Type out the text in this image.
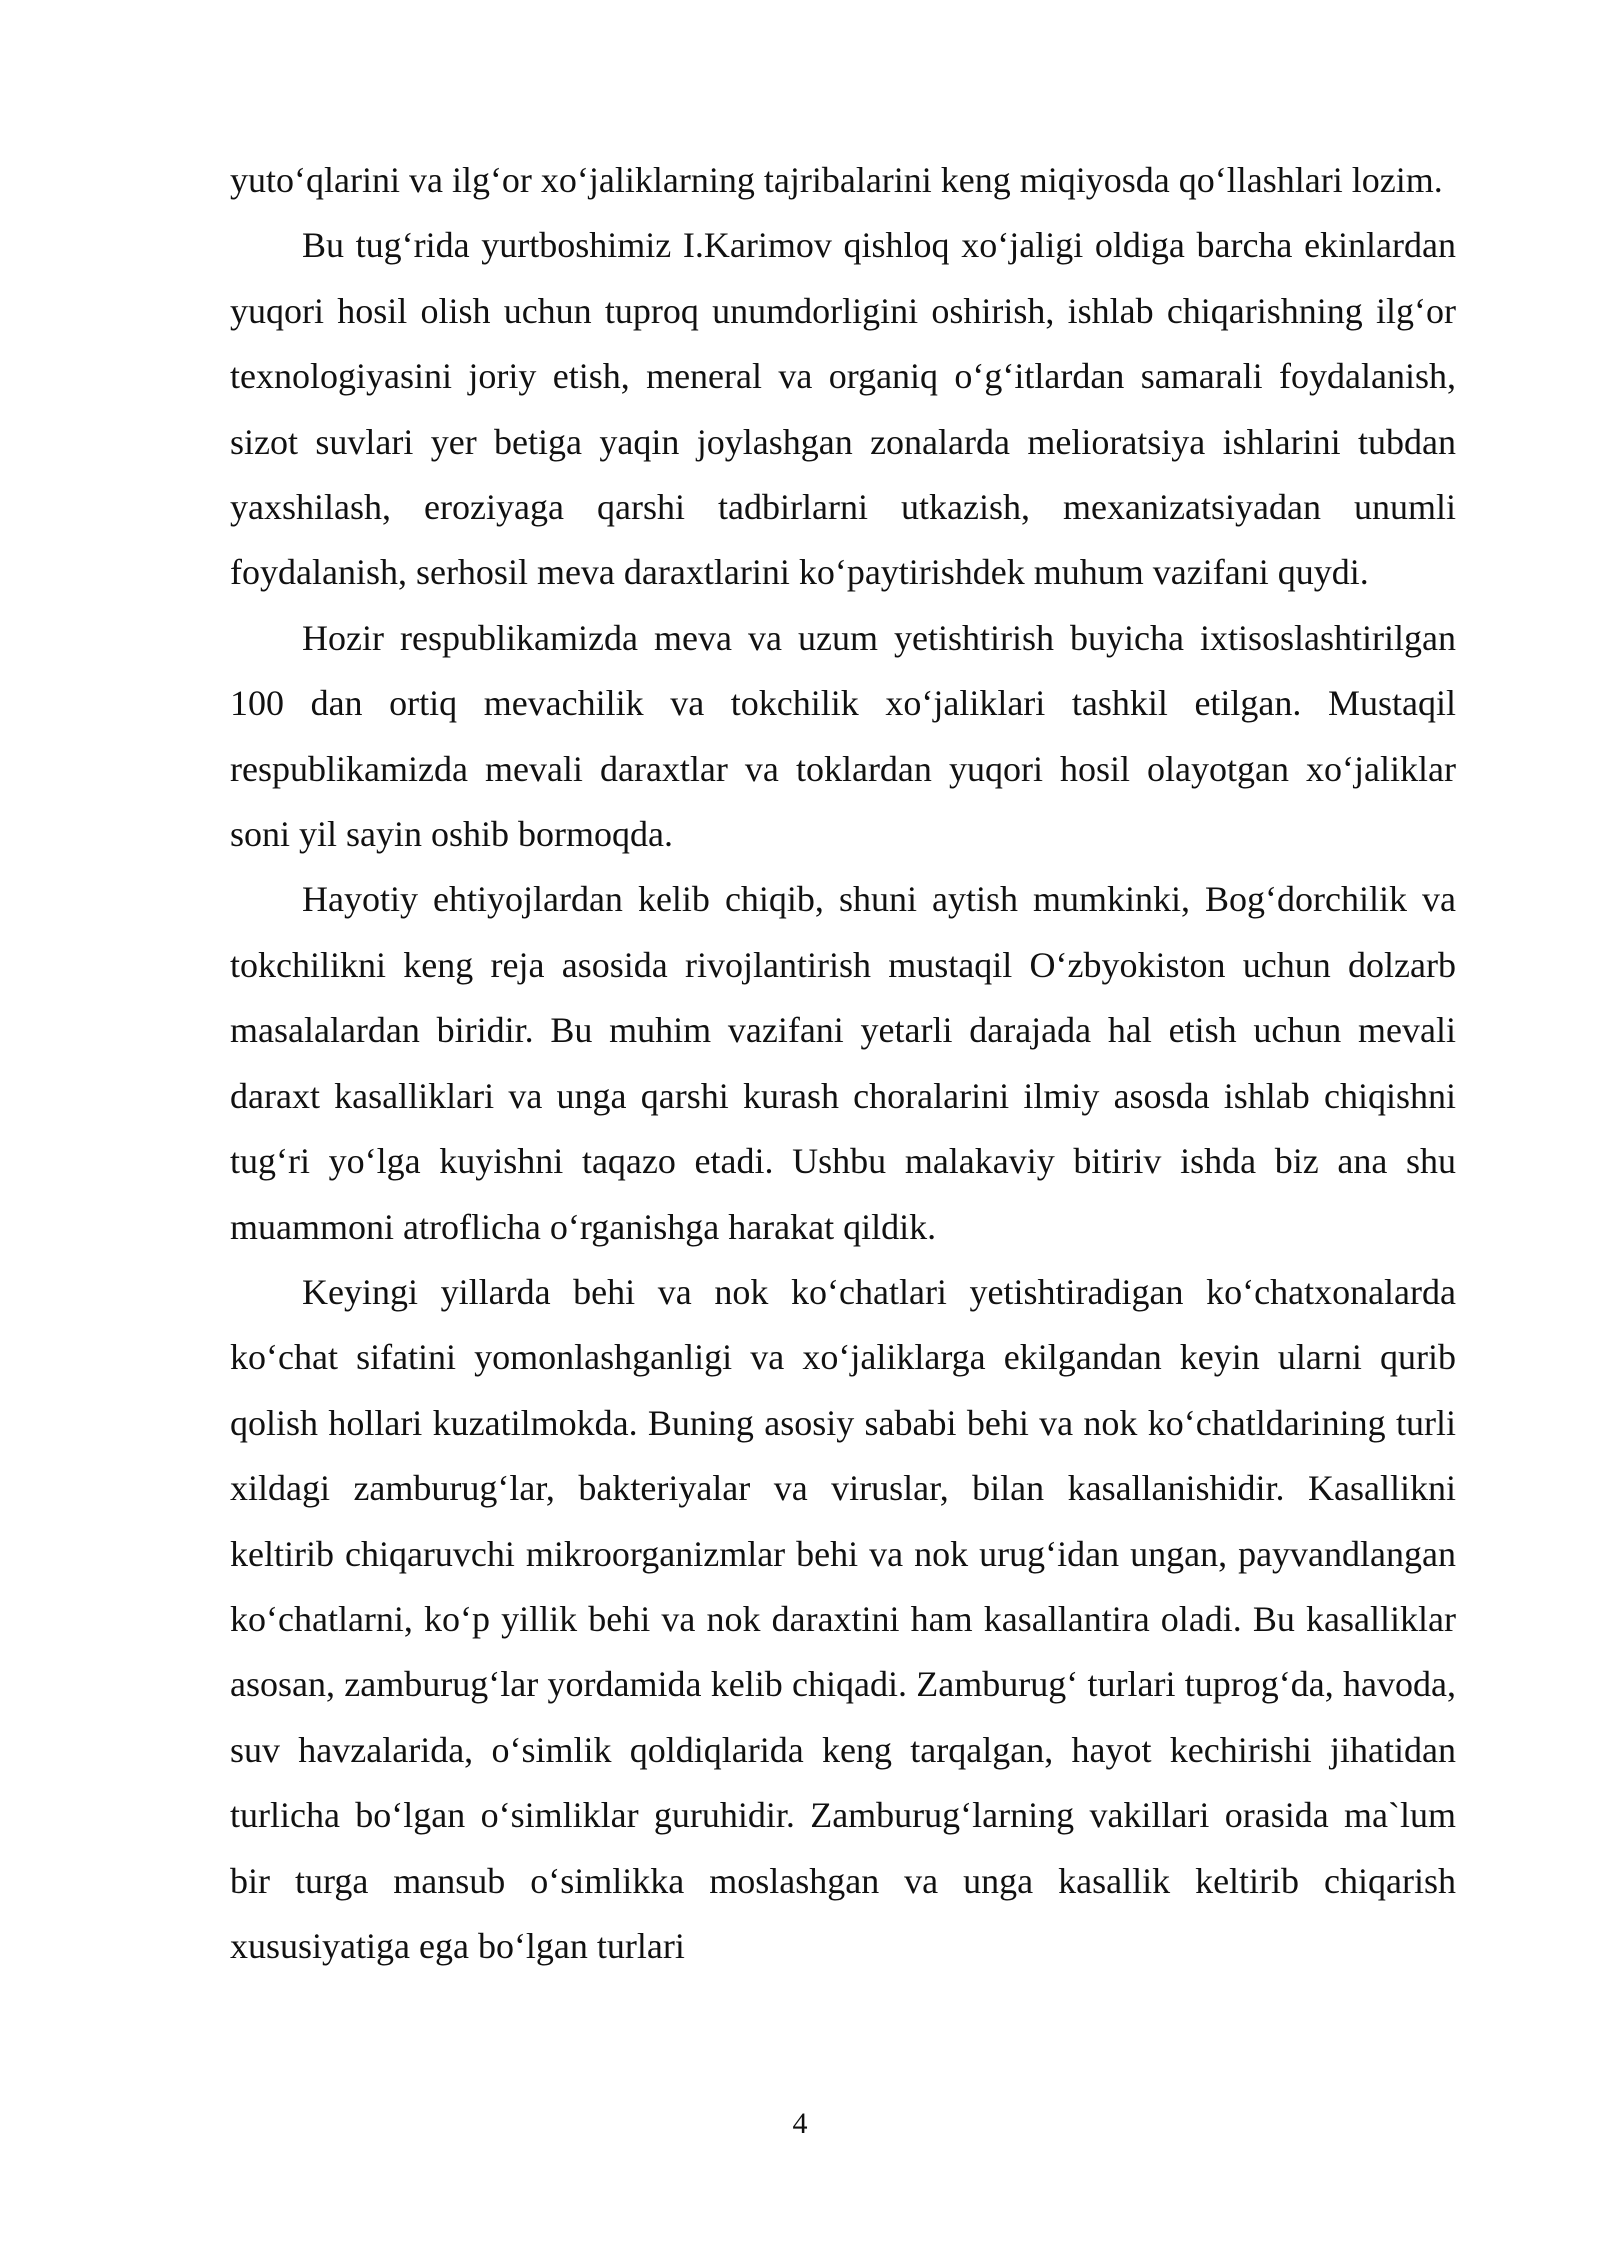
yuto‘qlarini va ilg‘or xo‘jaliklarning tajribalarini keng miqiyosda qo‘llashlari lozim.

Bu tug‘rida yurtboshimiz I.Karimov qishloq xo‘jaligi oldiga barcha ekinlardan yuqori hosil olish uchun tuproq unumdorligini oshirish, ishlab chiqarishning ilg‘or texnologiyasini joriy etish, meneral va organiq o‘g‘itlardan samarali foydalanish, sizot suvlari yer betiga yaqin joylashgan zonalarda melioratsiya ishlarini tubdan yaxshilash, eroziyaga qarshi tadbirlarni utkazish, mexanizatsiyadan unumli foydalanish, serhosil meva daraxtlarini ko‘paytirishdek muhum vazifani quydi.

Hozir respublikamizda meva va uzum yetishtirish buyicha ixtisoslashtirilgan 100 dan ortiq mevachilik va tokchilik xo‘jaliklari tashkil etilgan. Mustaqil respublikamizda mevali daraxtlar va toklardan yuqori hosil olayotgan xo‘jaliklar soni yil sayin oshib bormoqda.

Hayotiy ehtiyojlardan kelib chiqib, shuni aytish mumkinki, Bog‘dorchilik va tokchilikni keng reja asosida rivojlantirish mustaqil O‘zbyokiston uchun dolzarb masalalardan biridir. Bu muhim vazifani yetarli darajada hal etish uchun mevali daraxt kasalliklari va unga qarshi kurash choralarini ilmiy asosda ishlab chiqishni tug‘ri yo‘lga kuyishni taqazo etadi. Ushbu malakaviy bitiriv ishda biz ana shu muammoni atroflicha o‘rganishga harakat qildik.

Keyingi yillarda behi va nok ko‘chatlari yetishtiradigan ko‘chatxonalarda ko‘chat sifatini yomonlashganligi va xo‘jaliklarga ekilgandan keyin ularni qurib qolish hollari kuzatilmokda. Buning asosiy sababi behi va nok ko‘chatldarining turli xildagi zamburug‘lar, bakteriyalar va viruslar, bilan kasallanishidir. Kasallikni keltirib chiqaruvchi mikroorganizmlar behi va nok urug‘idan ungan, payvandlangan ko‘chatlarni, ko‘p yillik behi va nok daraxtini ham kasallantira oladi. Bu kasalliklar asosan, zamburug‘lar yordamida kelib chiqadi. Zamburug‘ turlari tuprog‘da, havoda, suv havzalarida, o‘simlik qoldiqlarida keng tarqalgan, hayot kechirishi jihatidan turlicha bo‘lgan o‘simliklar guruhidir. Zamburug‘larning vakillari orasida ma`lum bir turga mansub o‘simlikka moslashgan va unga kasallik keltirib chiqarish xususiyatiga ega bo‘lgan turlari

4
